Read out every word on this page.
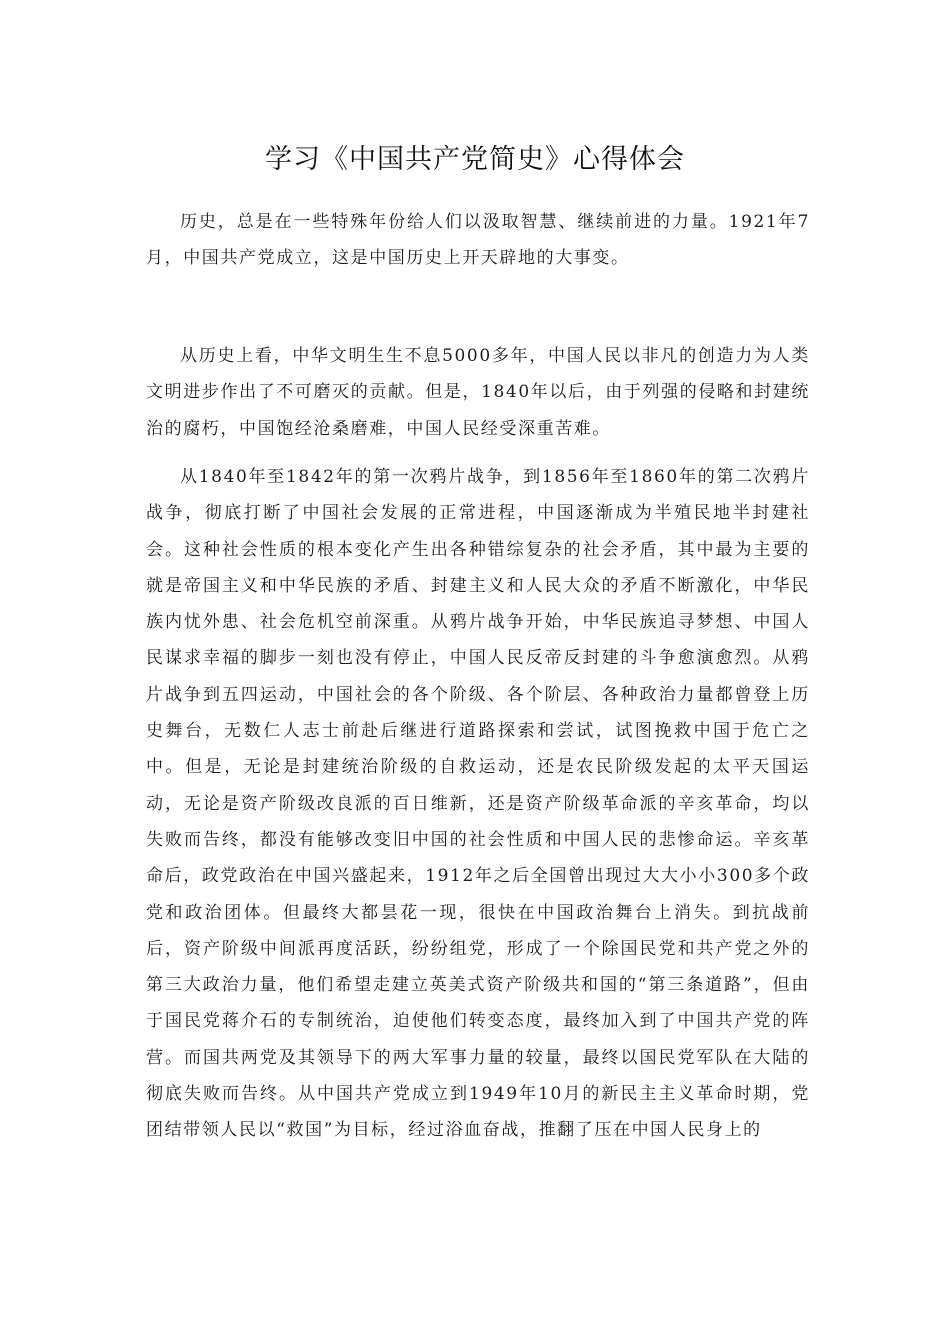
学习《中国共产党简史》心得体会

历史，总是在一些特殊年份给人们以汲取智慧、继续前进的力量。1921年7月，中国共产党成立，这是中国历史上开天辟地的大事变。

从历史上看，中华文明生生不息5000多年，中国人民以非凡的创造力为人类文明进步作出了不可磨灭的贡献。但是，1840年以后，由于列强的侵略和封建统治的腐朽，中国饱经沧桑磨难，中国人民经受深重苦难。

从1840年至1842年的第一次鸦片战争，到1856年至1860年的第二次鸦片战争，彻底打断了中国社会发展的正常进程，中国逐渐成为半殖民地半封建社会。这种社会性质的根本变化产生出各种错综复杂的社会矛盾，其中最为主要的就是帝国主义和中华民族的矛盾、封建主义和人民大众的矛盾不断激化，中华民族内忧外患、社会危机空前深重。从鸦片战争开始，中华民族追寻梦想、中国人民谋求幸福的脚步一刻也没有停止，中国人民反帝反封建的斗争愈演愈烈。从鸦片战争到五四运动，中国社会的各个阶级、各个阶层、各种政治力量都曾登上历史舞台，无数仁人志士前赴后继进行道路探索和尝试，试图挽救中国于危亡之中。但是，无论是封建统治阶级的自救运动，还是农民阶级发起的太平天国运动，无论是资产阶级改良派的百日维新，还是资产阶级革命派的辛亥革命，均以失败而告终，都没有能够改变旧中国的社会性质和中国人民的悲惨命运。辛亥革命后，政党政治在中国兴盛起来，1912年之后全国曾出现过大大小小300多个政党和政治团体。但最终大都昙花一现，很快在中国政治舞台上消失。到抗战前后，资产阶级中间派再度活跃，纷纷组党，形成了一个除国民党和共产党之外的第三大政治力量，他们希望走建立英美式资产阶级共和国的“第三条道路”，但由于国民党蒋介石的专制统治，迫使他们转变态度，最终加入到了中国共产党的阵营。而国共两党及其领导下的两大军事力量的较量，最终以国民党军队在大陆的彻底失败而告终。从中国共产党成立到1949年10月的新民主主义革命时期，党团结带领人民以“救国”为目标，经过浴血奋战，推翻了压在中国人民身上的
